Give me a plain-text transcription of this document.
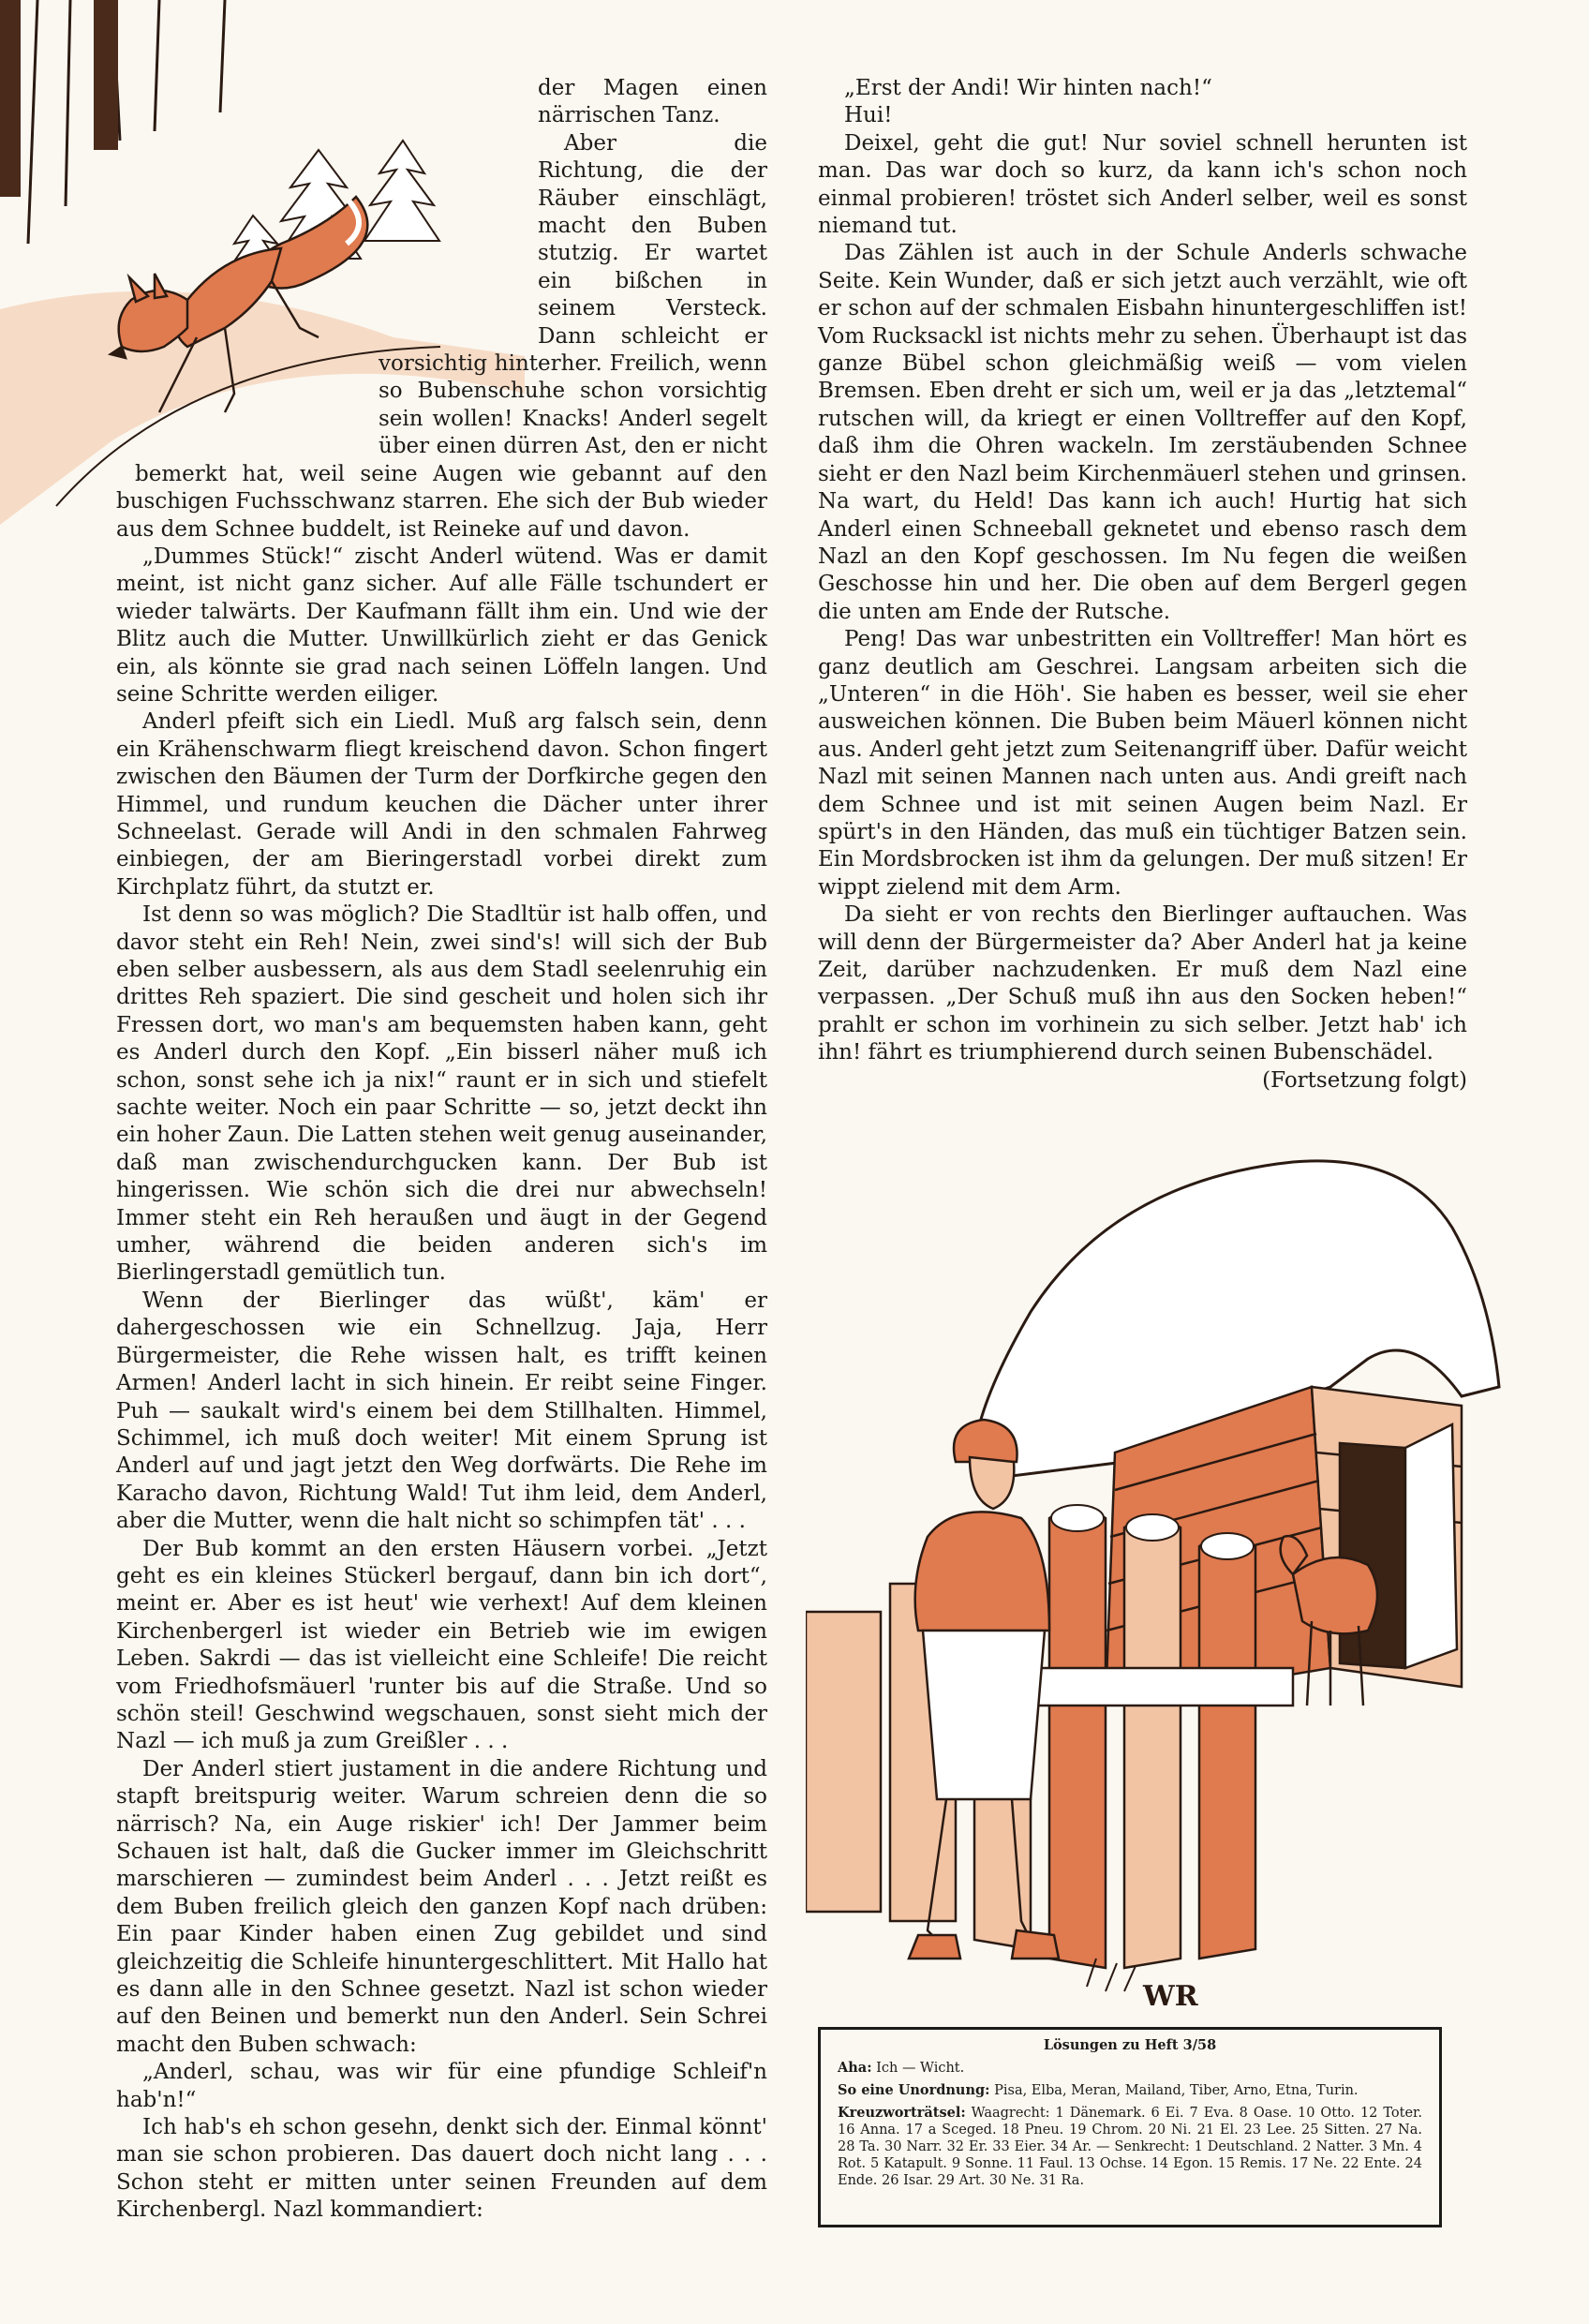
der Magen einen närrischen Tanz.

Aber die Richtung, die der Räuber einschlägt, macht den Buben stutzig. Er wartet ein bißchen in seinem Versteck. Dann schleicht er vorsichtig hinterher. Freilich, wenn so Bubenschuhe schon vorsichtig sein wollen! Knacks! Anderl segelt über einen dürren Ast, den er nicht bemerkt hat, weil seine Augen wie gebannt auf den buschigen Fuchsschwanz starren. Ehe sich der Bub wieder aus dem Schnee buddelt, ist Reineke auf und davon.

„Dummes Stück!“ zischt Anderl wütend. Was er damit meint, ist nicht ganz sicher. Auf alle Fälle tschundert er wieder talwärts. Der Kaufmann fällt ihm ein. Und wie der Blitz auch die Mutter. Unwillkürlich zieht er das Genick ein, als könnte sie grad nach seinen Löffeln langen. Und seine Schritte werden eiliger.

Anderl pfeift sich ein Liedl. Muß arg falsch sein, denn ein Krähenschwarm fliegt kreischend davon. Schon fingert zwischen den Bäumen der Turm der Dorfkirche gegen den Himmel, und rundum keuchen die Dächer unter ihrer Schneelast. Gerade will Andi in den schmalen Fahrweg einbiegen, der am Bieringerstadl vorbei direkt zum Kirchplatz führt, da stutzt er.

Ist denn so was möglich? Die Stadltür ist halb offen, und davor steht ein Reh! Nein, zwei sind's! will sich der Bub eben selber ausbessern, als aus dem Stadl seelenruhig ein drittes Reh spaziert. Die sind gescheit und holen sich ihr Fressen dort, wo man's am bequemsten haben kann, geht es Anderl durch den Kopf. „Ein bisserl näher muß ich schon, sonst sehe ich ja nix!“ raunt er in sich und stiefelt sachte weiter. Noch ein paar Schritte — so, jetzt deckt ihn ein hoher Zaun. Die Latten stehen weit genug auseinander, daß man zwischendurchgucken kann. Der Bub ist hingerissen. Wie schön sich die drei nur abwechseln! Immer steht ein Reh heraußen und äugt in der Gegend umher, während die beiden anderen sich's im Bierlingerstadl gemütlich tun.

Wenn der Bierlinger das wüßt', käm' er dahergeschossen wie ein Schnellzug. Jaja, Herr Bürgermeister, die Rehe wissen halt, es trifft keinen Armen! Anderl lacht in sich hinein. Er reibt seine Finger. Puh — saukalt wird's einem bei dem Stillhalten. Himmel, Schimmel, ich muß doch weiter! Mit einem Sprung ist Anderl auf und jagt jetzt den Weg dorfwärts. Die Rehe im Karacho davon, Richtung Wald! Tut ihm leid, dem Anderl, aber die Mutter, wenn die halt nicht so schimpfen tät' . . .

Der Bub kommt an den ersten Häusern vorbei. „Jetzt geht es ein kleines Stückerl bergauf, dann bin ich dort“, meint er. Aber es ist heut' wie verhext! Auf dem kleinen Kirchenbergerl ist wieder ein Betrieb wie im ewigen Leben. Sakrdi — das ist vielleicht eine Schleife! Die reicht vom Friedhofsmäuerl 'runter bis auf die Straße. Und so schön steil! Geschwind wegschauen, sonst sieht mich der Nazl — ich muß ja zum Greißler . . .

Der Anderl stiert justament in die andere Richtung und stapft breitspurig weiter. Warum schreien denn die so närrisch? Na, ein Auge riskier' ich! Der Jammer beim Schauen ist halt, daß die Gucker immer im Gleichschritt marschieren — zumindest beim Anderl . . . Jetzt reißt es dem Buben freilich gleich den ganzen Kopf nach drüben: Ein paar Kinder haben einen Zug gebildet und sind gleichzeitig die Schleife hinuntergeschlittert. Mit Hallo hat es dann alle in den Schnee gesetzt. Nazl ist schon wieder auf den Beinen und bemerkt nun den Anderl. Sein Schrei macht den Buben schwach:

„Anderl, schau, was wir für eine pfundige Schleif'n hab'n!“

Ich hab's eh schon gesehn, denkt sich der. Einmal könnt' man sie schon probieren. Das dauert doch nicht lang . . . Schon steht er mitten unter seinen Freunden auf dem Kirchenbergl. Nazl kommandiert:

„Erst der Andi! Wir hinten nach!“

Hui!

Deixel, geht die gut! Nur soviel schnell herunten ist man. Das war doch so kurz, da kann ich's schon noch einmal probieren! tröstet sich Anderl selber, weil es sonst niemand tut.

Das Zählen ist auch in der Schule Anderls schwache Seite. Kein Wunder, daß er sich jetzt auch verzählt, wie oft er schon auf der schmalen Eisbahn hinuntergeschliffen ist! Vom Rucksackl ist nichts mehr zu sehen. Überhaupt ist das ganze Bübel schon gleichmäßig weiß — vom vielen Bremsen. Eben dreht er sich um, weil er ja das „letztemal“ rutschen will, da kriegt er einen Volltreffer auf den Kopf, daß ihm die Ohren wackeln. Im zerstäubenden Schnee sieht er den Nazl beim Kirchenmäuerl stehen und grinsen. Na wart, du Held! Das kann ich auch! Hurtig hat sich Anderl einen Schneeball geknetet und ebenso rasch dem Nazl an den Kopf geschossen. Im Nu fegen die weißen Geschosse hin und her. Die oben auf dem Bergerl gegen die unten am Ende der Rutsche.

Peng! Das war unbestritten ein Volltreffer! Man hört es ganz deutlich am Geschrei. Langsam arbeiten sich die „Unteren“ in die Höh'. Sie haben es besser, weil sie eher ausweichen können. Die Buben beim Mäuerl können nicht aus. Anderl geht jetzt zum Seitenangriff über. Dafür weicht Nazl mit seinen Mannen nach unten aus. Andi greift nach dem Schnee und ist mit seinen Augen beim Nazl. Er spürt's in den Händen, das muß ein tüchtiger Batzen sein. Ein Mordsbrocken ist ihm da gelungen. Der muß sitzen! Er wippt zielend mit dem Arm.

Da sieht er von rechts den Bierlinger auftauchen. Was will denn der Bürgermeister da? Aber Anderl hat ja keine Zeit, darüber nachzudenken. Er muß dem Nazl eine verpassen. „Der Schuß muß ihn aus den Socken heben!“ prahlt er schon im vorhinein zu sich selber. Jetzt hab' ich ihn! fährt es triumphierend durch seinen Bubenschädel.

(Fortsetzung folgt)
WR
Lösungen zu Heft 3/58
Aha: Ich — Wicht.
So eine Unordnung: Pisa, Elba, Meran, Mailand, Tiber, Arno, Etna, Turin.
Kreuzworträtsel: Waagrecht: 1 Dänemark. 6 Ei. 7 Eva. 8 Oase. 10 Otto. 12 Toter. 16 Anna. 17 a Sceged. 18 Pneu. 19 Chrom. 20 Ni. 21 El. 23 Lee. 25 Sitten. 27 Na. 28 Ta. 30 Narr. 32 Er. 33 Eier. 34 Ar. — Senkrecht: 1 Deutschland. 2 Natter. 3 Mn. 4 Rot. 5 Katapult. 9 Sonne. 11 Faul. 13 Ochse. 14 Egon. 15 Remis. 17 Ne. 22 Ente. 24 Ende. 26 Isar. 29 Art. 30 Ne. 31 Ra.
